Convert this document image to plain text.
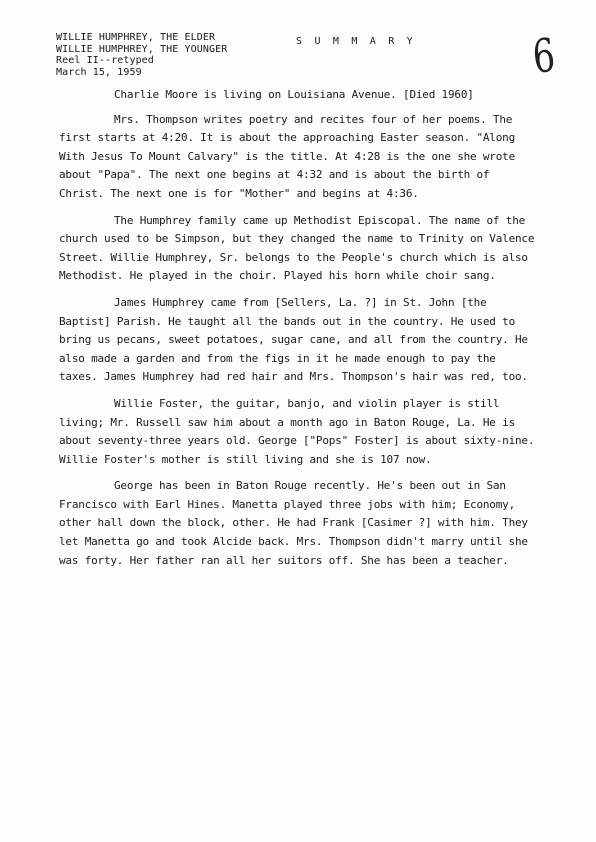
WILLIE HUMPHREY, THE ELDER
WILLIE HUMPHREY, THE YOUNGER
Reel II--retyped
March 15, 1959
S U M M A R Y 6

Charlie Moore is living on Louisiana Avenue. [Died 1960]

Mrs. Thompson writes poetry and recites four of her poems. The first starts at 4:20. It is about the approaching Easter season. "Along With Jesus To Mount Calvary" is the title. At 4:28 is the one she wrote about "Papa". The next one begins at 4:32 and is about the birth of Christ. The next one is for "Mother" and begins at 4:36.

The Humphrey family came up Methodist Episcopal. The name of the church used to be Simpson, but they changed the name to Trinity on Valence Street. Willie Humphrey, Sr. belongs to the People's church which is also Methodist. He played in the choir. Played his horn while choir sang.

James Humphrey came from [Sellers, La. ?] in St. John [the Baptist] Parish. He taught all the bands out in the country. He used to bring us pecans, sweet potatoes, sugar cane, and all from the country. He also made a garden and from the figs in it he made enough to pay the taxes. James Humphrey had red hair and Mrs. Thompson's hair was red, too.

Willie Foster, the guitar, banjo, and violin player is still living; Mr. Russell saw him about a month ago in Baton Rouge, La. He is about seventy-three years old. George ["Pops" Foster] is about sixty-nine. Willie Foster's mother is still living and she is 107 now.

George has been in Baton Rouge recently. He's been out in San Francisco with Earl Hines. Manetta played three jobs with him; Economy, other hall down the block, other. He had Frank [Casimer ?] with him. They let Manetta go and took Alcide back. Mrs. Thompson didn't marry until she was forty. Her father ran all her suitors off. She has been a teacher.
